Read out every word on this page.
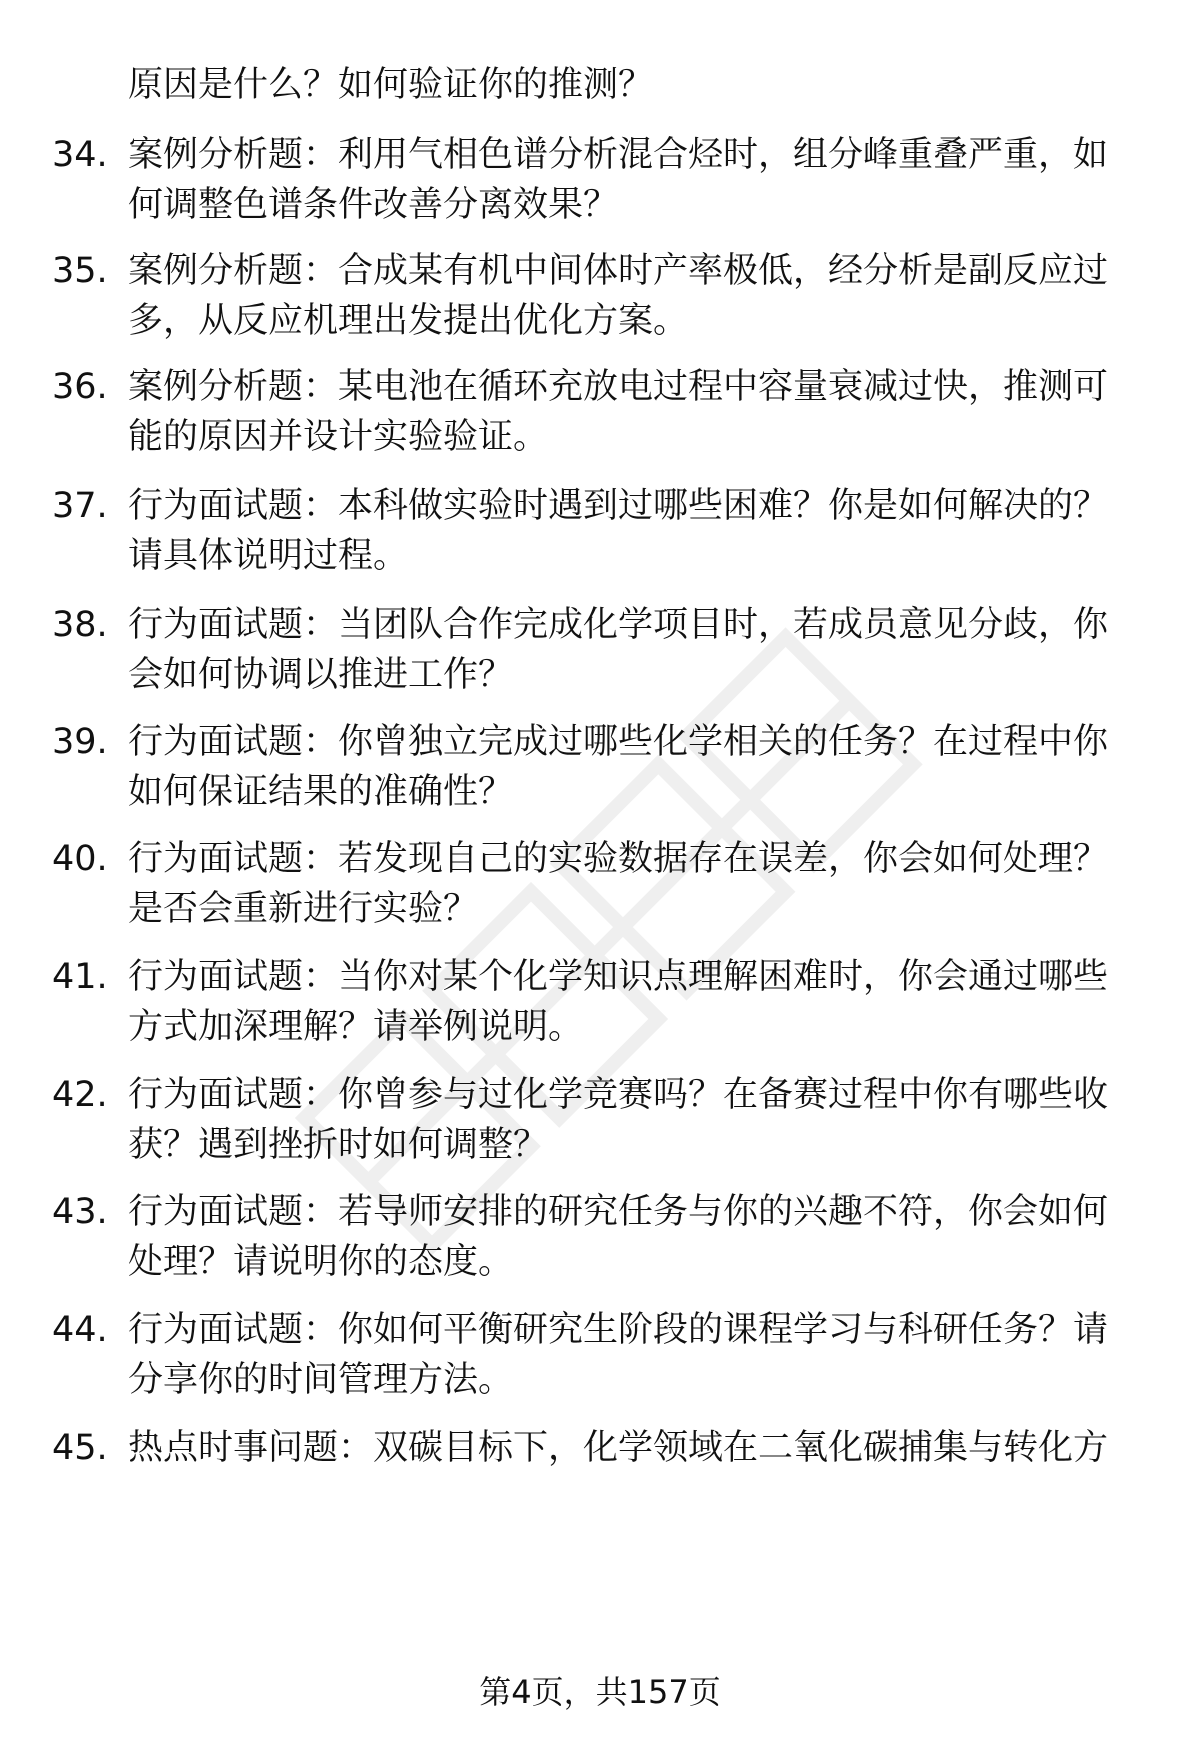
原因是什么？如何验证你的推测？

34. 案例分析题：利用气相色谱分析混合烃时，组分峰重叠严重，如何调整色谱条件改善分离效果？

35. 案例分析题：合成某有机中间体时产率极低，经分析是副反应过多，从反应机理出发提出优化方案。

36. 案例分析题：某电池在循环充放电过程中容量衰减过快，推测可能的原因并设计实验验证。

37. 行为面试题：本科做实验时遇到过哪些困难？你是如何解决的？请具体说明过程。

38. 行为面试题：当团队合作完成化学项目时，若成员意见分歧，你会如何协调以推进工作？

39. 行为面试题：你曾独立完成过哪些化学相关的任务？在过程中你如何保证结果的准确性？

40. 行为面试题：若发现自己的实验数据存在误差，你会如何处理？是否会重新进行实验？

41. 行为面试题：当你对某个化学知识点理解困难时，你会通过哪些方式加深理解？请举例说明。

42. 行为面试题：你曾参与过化学竞赛吗？在备赛过程中你有哪些收获？遇到挫折时如何调整？

43. 行为面试题：若导师安排的研究任务与你的兴趣不符，你会如何处理？请说明你的态度。

44. 行为面试题：你如何平衡研究生阶段的课程学习与科研任务？请分享你的时间管理方法。

45. 热点时事问题：双碳目标下，化学领域在二氧化碳捕集与转化方

第4页，共157页
